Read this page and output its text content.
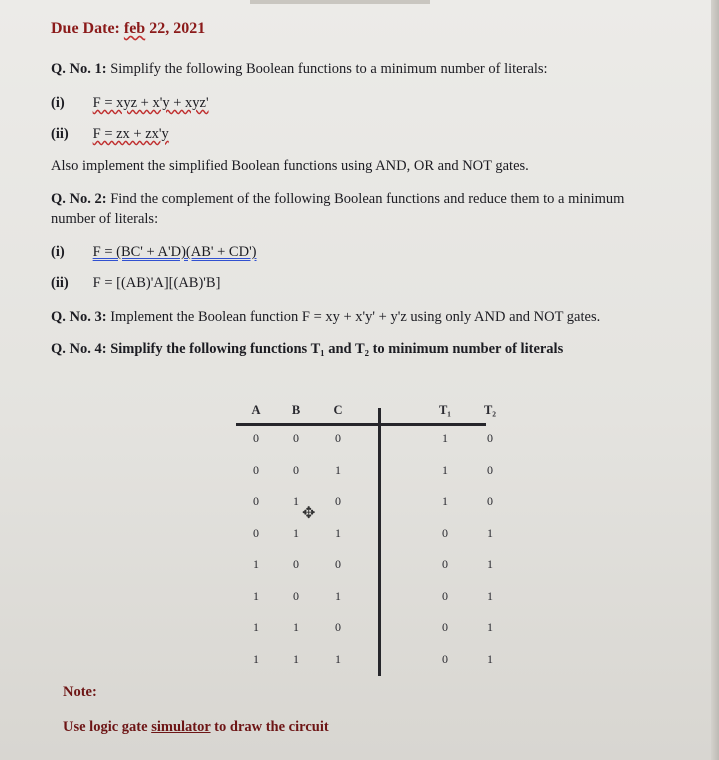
Due Date: feb 22, 2021
Q. No. 1: Simplify the following Boolean functions to a minimum number of literals:
(i) F = xyz + x'y + xyz'
(ii) F = zx + zx'y
Also implement the simplified Boolean functions using AND, OR and NOT gates.
Q. No. 2: Find the complement of the following Boolean functions and reduce them to a minimum number of literals:
(i) F = (BC' + A'D)(AB' + CD')
(ii) F = [(AB)'A][(AB)'B]
Q. No. 3: Implement the Boolean function F = xy + x'y' + y'z using only AND and NOT gates.
Q. No. 4: Simplify the following functions T₁ and T₂ to minimum number of literals
A	B	C		T₁	T₂
0	0	0		1	0
0	0	1		1	0
0	1	0		1	0
0	1	1		0	1
1	0	0		0	1
1	0	1		0	1
1	1	0		0	1
1	1	1		0	1
✥
Note:
Use logic gate simulator to draw the circuit
